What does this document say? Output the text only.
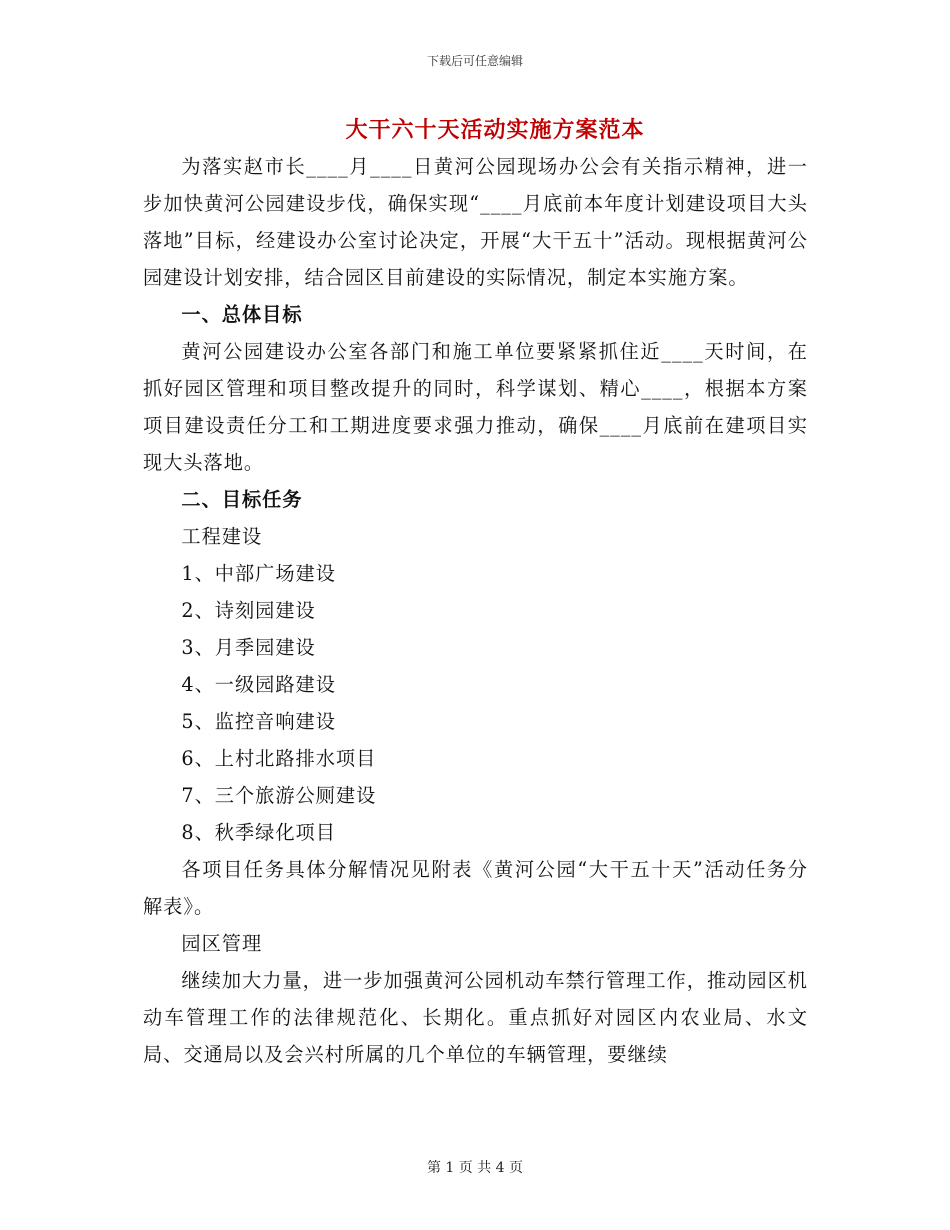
下载后可任意编辑
大干六十天活动实施方案范本

为落实赵市长____月____日黄河公园现场办公会有关指示精神，进一步加快黄河公园建设步伐，确保实现“____月底前本年度计划建设项目大头落地”目标，经建设办公室讨论决定，开展“大干五十”活动。现根据黄河公园建设计划安排，结合园区目前建设的实际情况，制定本实施方案。

一、总体目标

黄河公园建设办公室各部门和施工单位要紧紧抓住近____天时间，在抓好园区管理和项目整改提升的同时，科学谋划、精心____，根据本方案项目建设责任分工和工期进度要求强力推动，确保____月底前在建项目实现大头落地。

二、目标任务

工程建设

1、中部广场建设

2、诗刻园建设

3、月季园建设

4、一级园路建设

5、监控音响建设

6、上村北路排水项目

7、三个旅游公厕建设

8、秋季绿化项目

各项目任务具体分解情况见附表《黄河公园“大干五十天”活动任务分解表》。

园区管理

继续加大力量，进一步加强黄河公园机动车禁行管理工作，推动园区机动车管理工作的法律规范化、长期化。重点抓好对园区内农业局、水文局、交通局以及会兴村所属的几个单位的车辆管理，要继续

第 1 页 共 4 页
